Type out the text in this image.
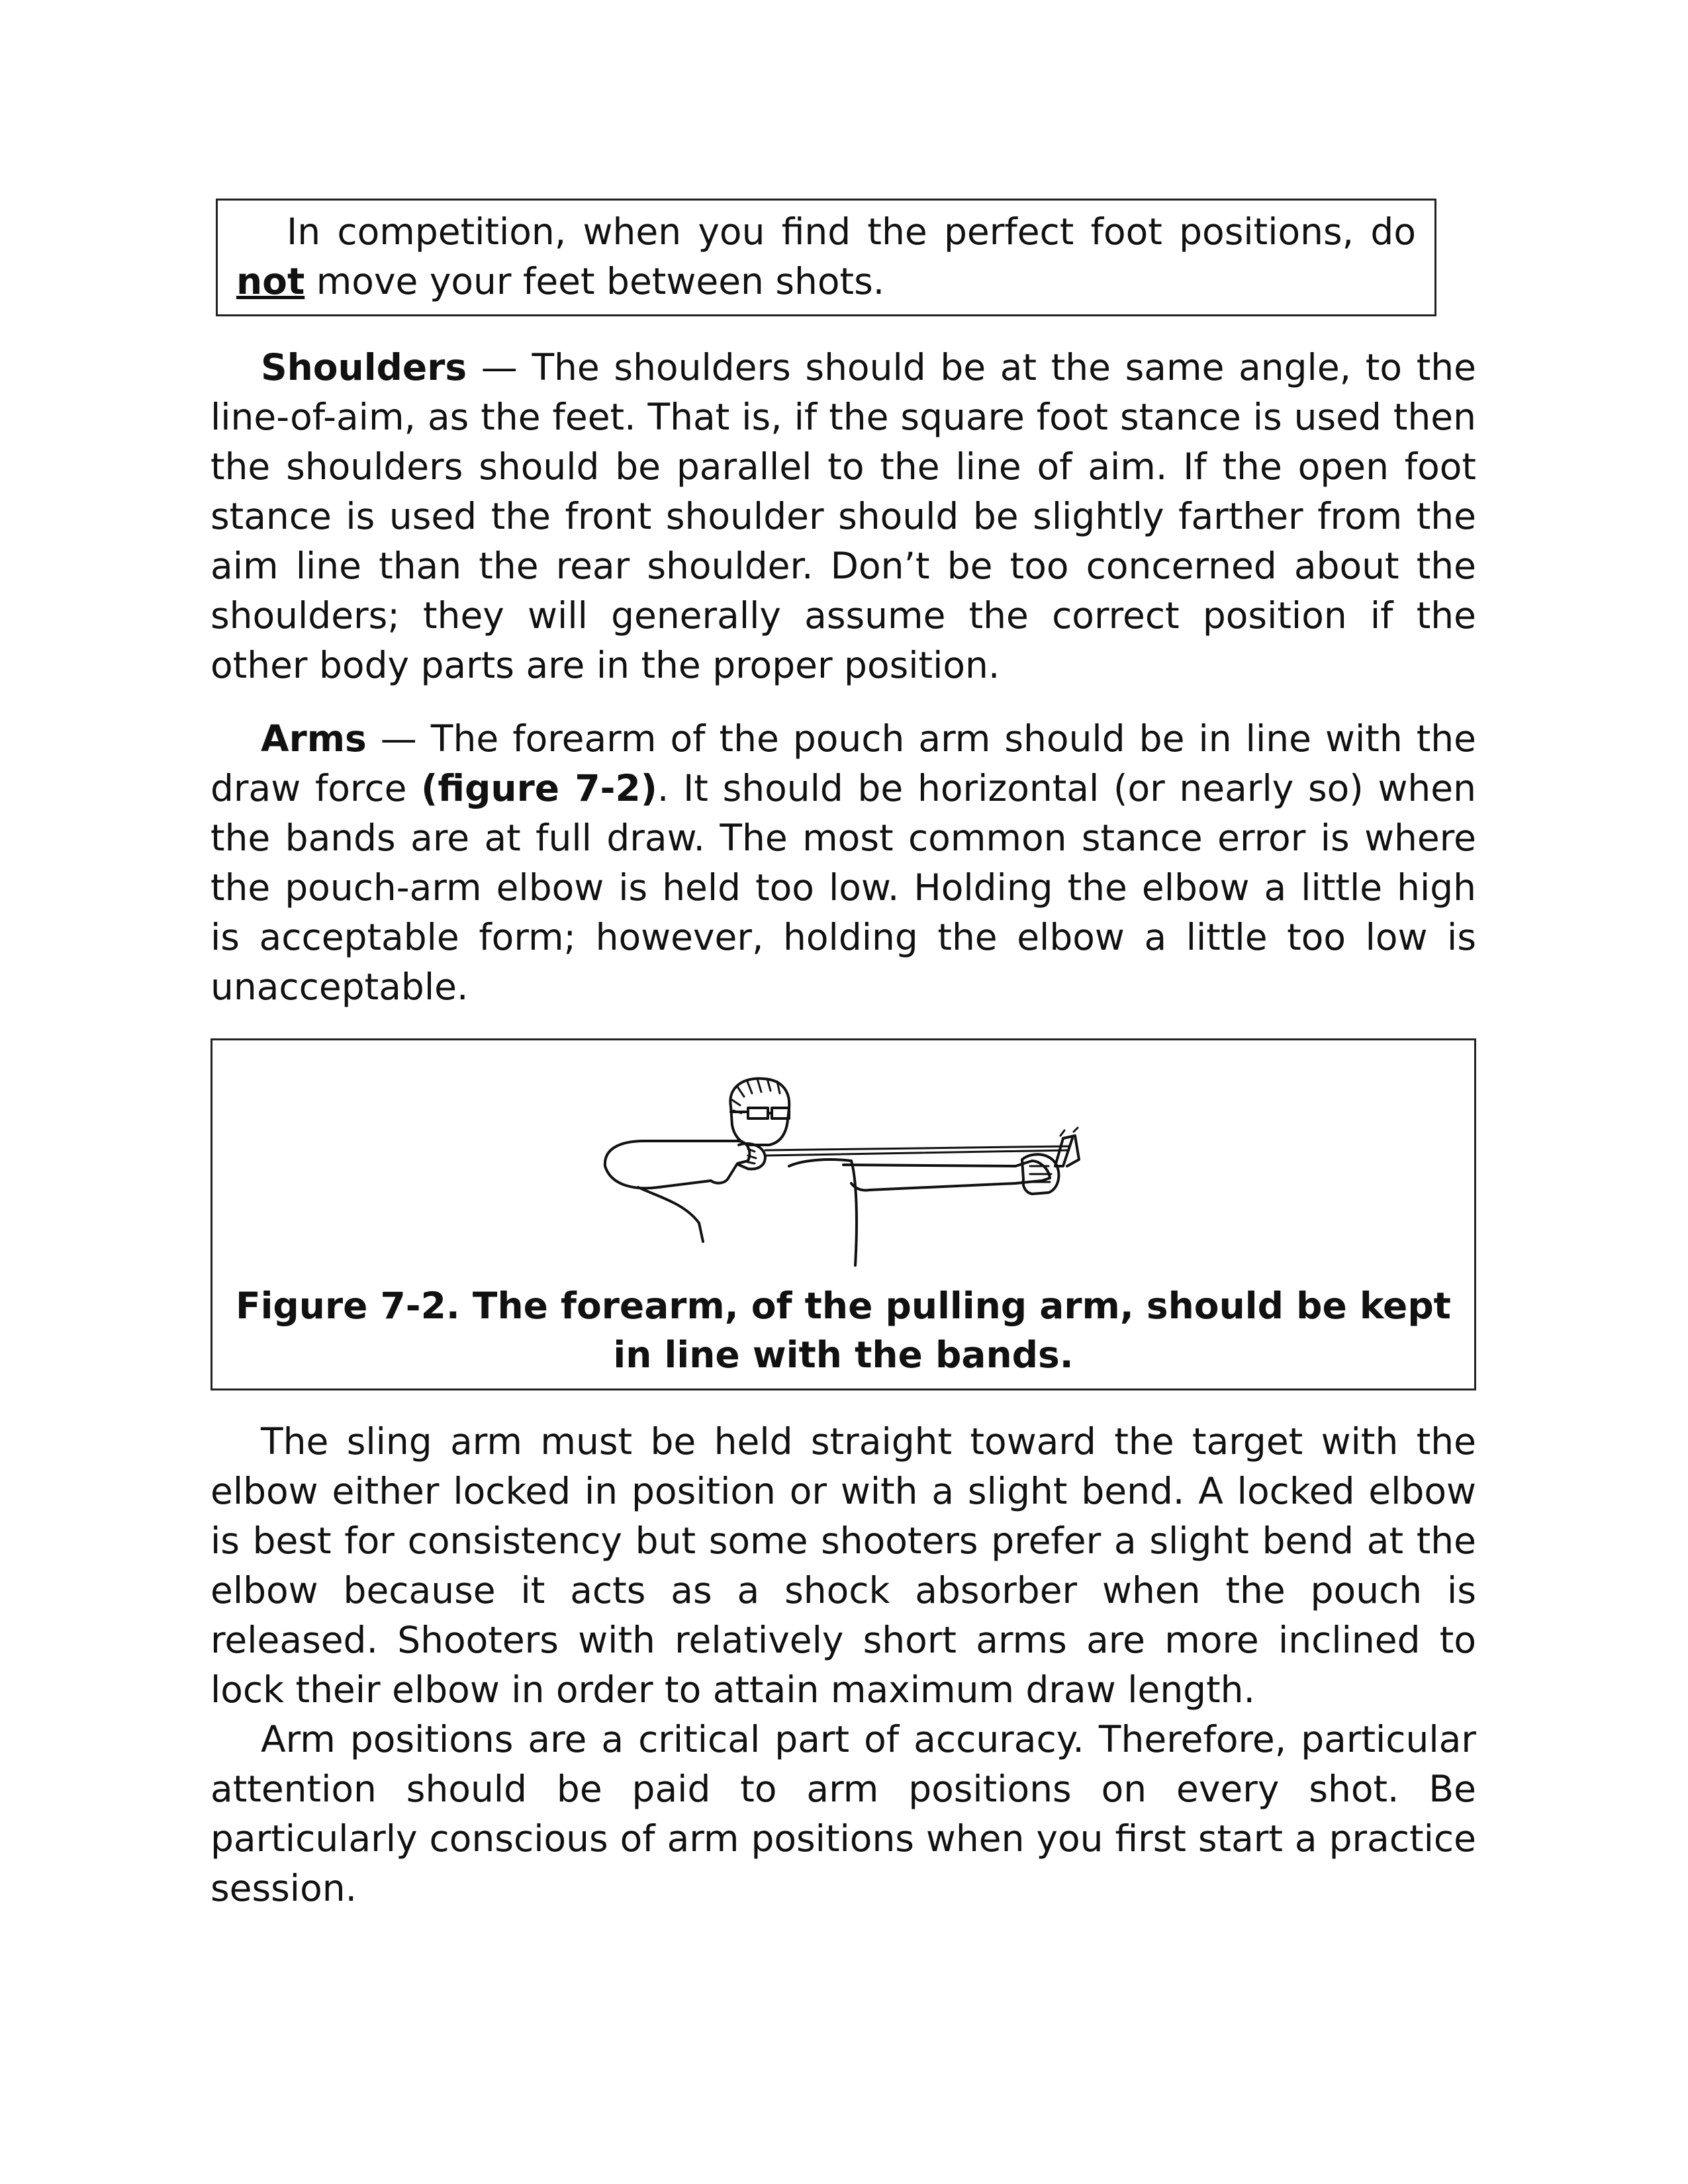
In competition, when you find the perfect foot positions, do not move your feet between shots.

Shoulders — The shoulders should be at the same angle, to the line-of-aim, as the feet. That is, if the square foot stance is used then the shoulders should be parallel to the line of aim. If the open foot stance is used the front shoulder should be slightly farther from the aim line than the rear shoulder. Don’t be too concerned about the shoulders; they will generally assume the correct position if the other body parts are in the proper position.

Arms — The forearm of the pouch arm should be in line with the draw force (figure 7-2). It should be horizontal (or nearly so) when the bands are at full draw. The most common stance error is where the pouch-arm elbow is held too low. Holding the elbow a little high is acceptable form; however, holding the elbow a little too low is unacceptable.

Figure 7-2. The forearm, of the pulling arm, should be kept in line with the bands.

The sling arm must be held straight toward the target with the elbow either locked in position or with a slight bend. A locked elbow is best for consistency but some shooters prefer a slight bend at the elbow because it acts as a shock absorber when the pouch is released. Shooters with relatively short arms are more inclined to lock their elbow in order to attain maximum draw length.

Arm positions are a critical part of accuracy. Therefore, particular attention should be paid to arm positions on every shot. Be particularly conscious of arm positions when you first start a practice session.
